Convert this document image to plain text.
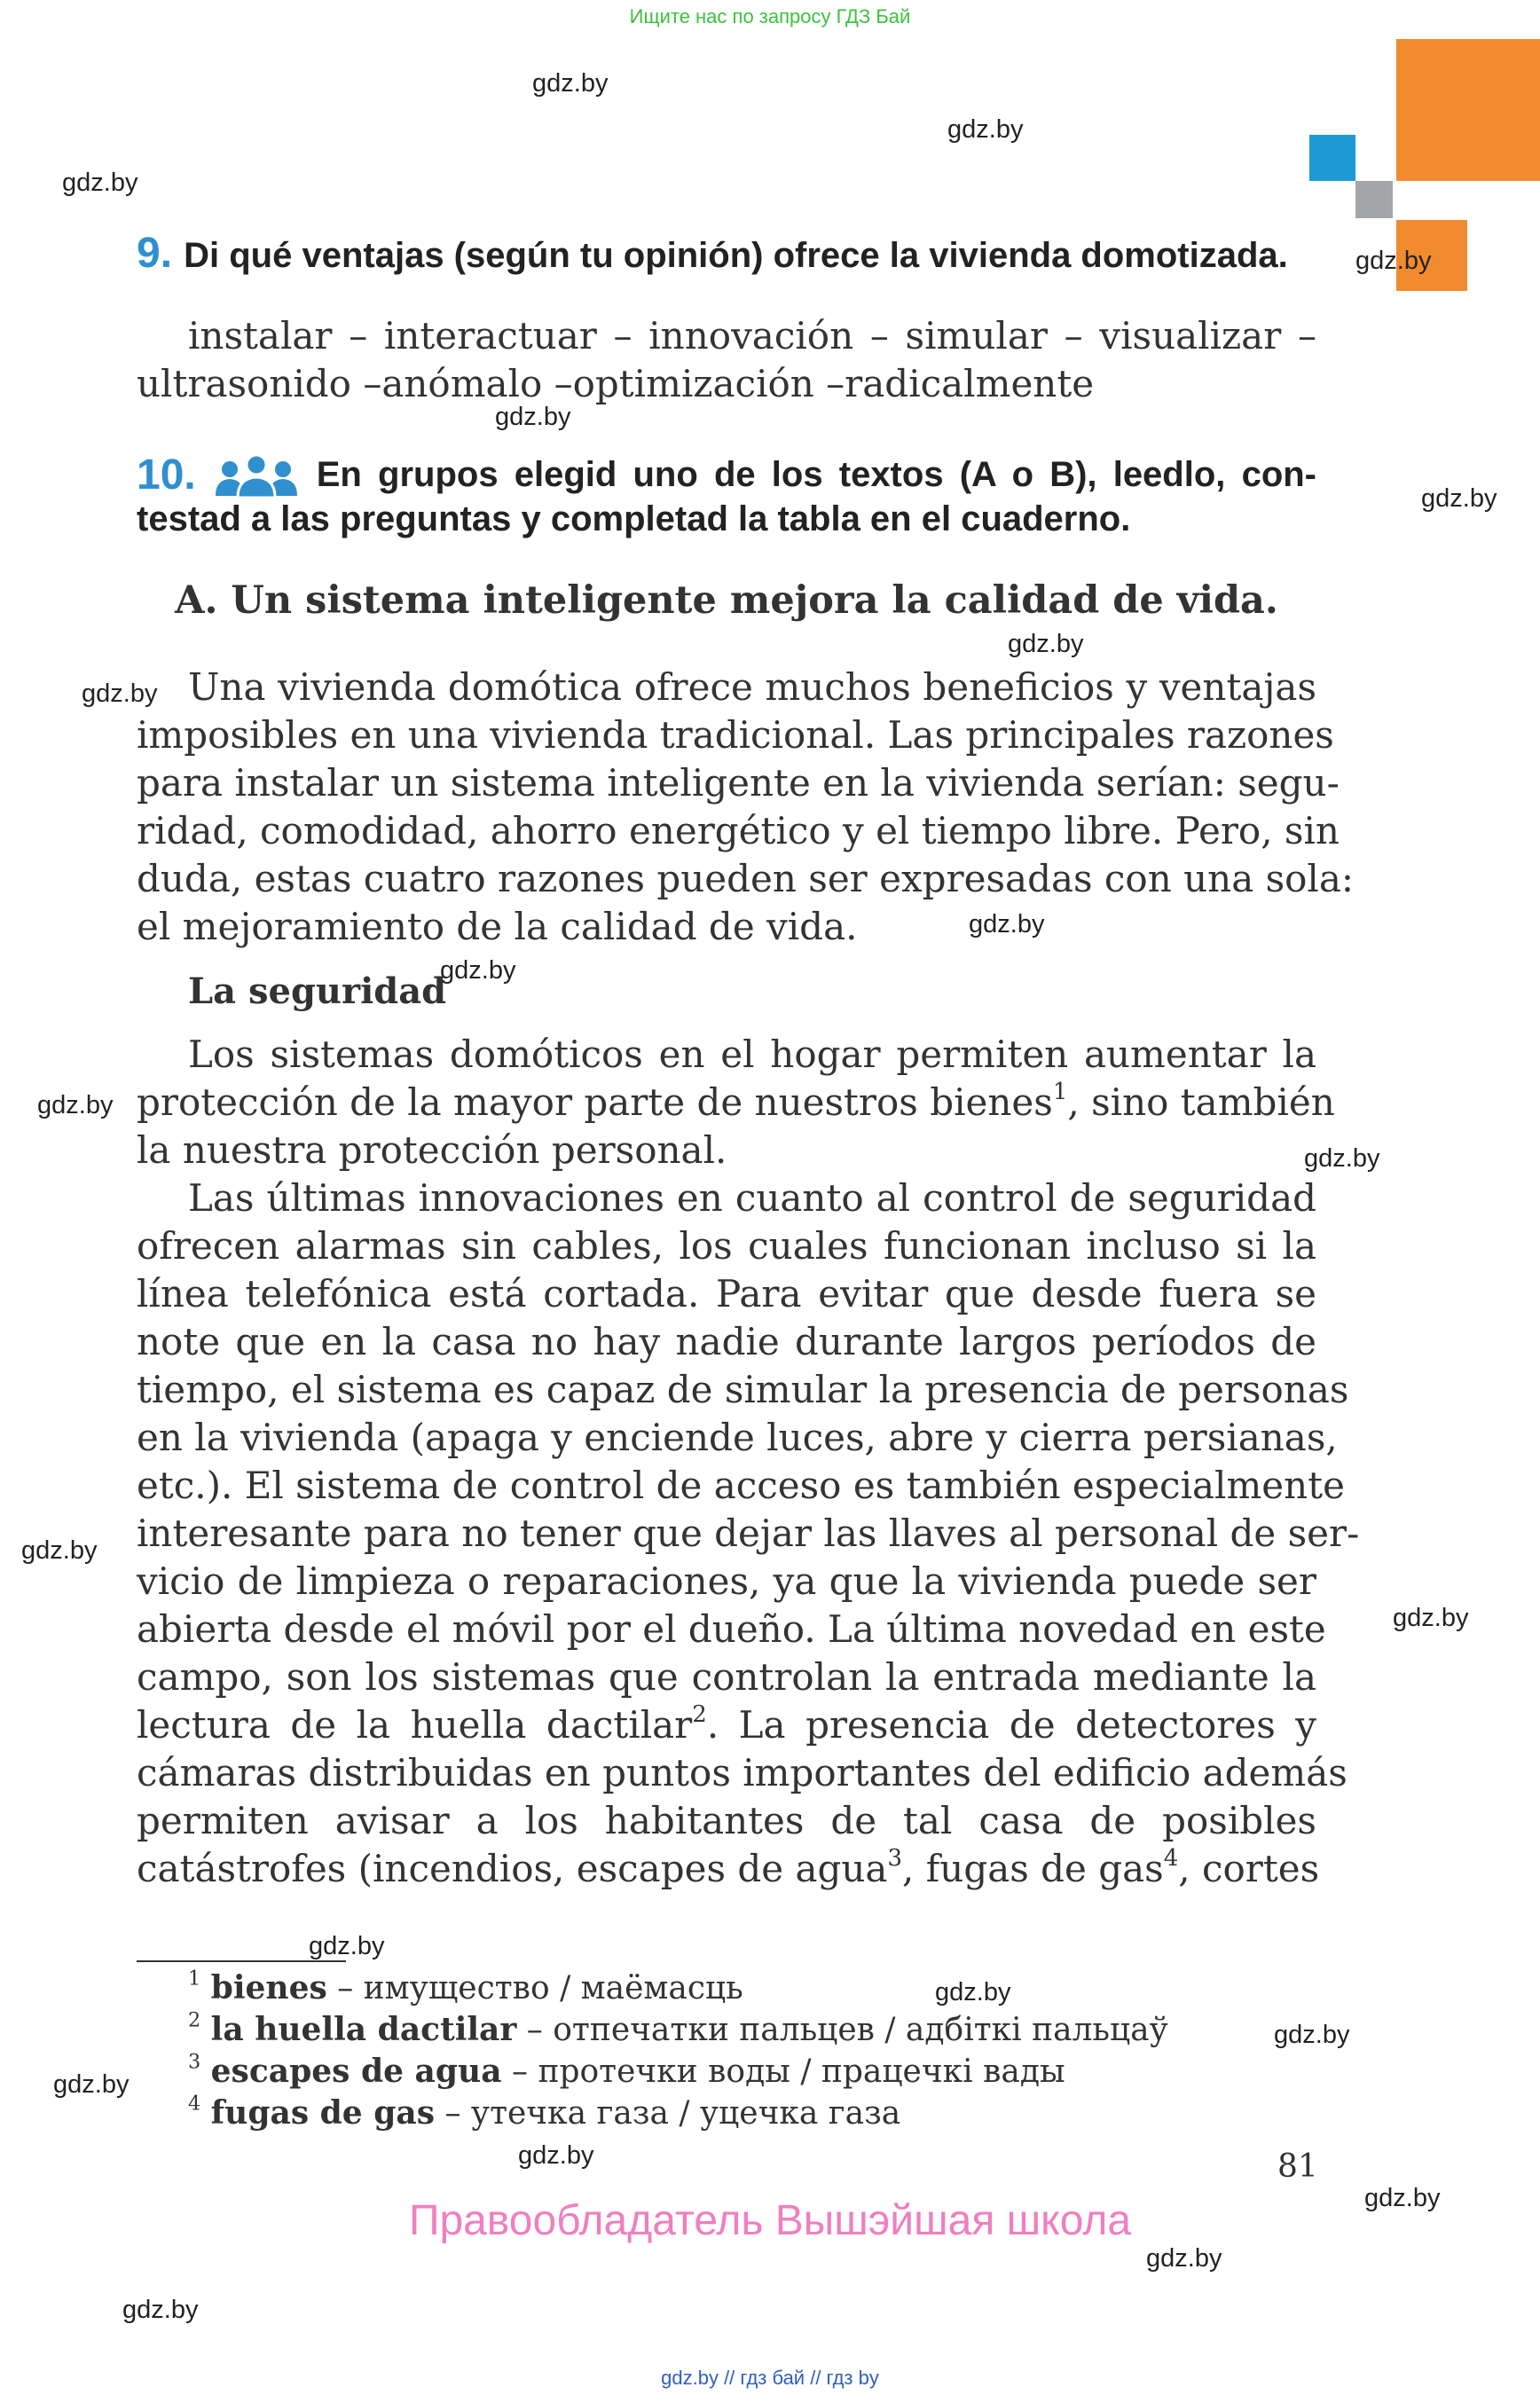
Ищите нас по запросу ГДЗ Бай
gdz.by
gdz.by
gdz.by
gdz.by
gdz.by
gdz.by
gdz.by
gdz.by
gdz.by
gdz.by
gdz.by
gdz.by
gdz.by
gdz.by
gdz.by
gdz.by
gdz.by
gdz.by
gdz.by
gdz.by
gdz.by
gdz.by
9. Di qué ventajas (según tu opinión) ofrece la vivienda domotizada.
instalar – interactuar – innovación – simular – visualizar –
ultrasonido –anómalo –optimización –radicalmente
10.	En grupos elegid uno de los textos (A o B), leedlo, con-
testad a las preguntas y completad la tabla en el cuaderno.
A. Un sistema inteligente mejora la calidad de vida.
Una vivienda domótica ofrece muchos beneficios y ventajas
imposibles en una vivienda tradicional. Las principales razones
para instalar un sistema inteligente en la vivienda serían: segu-
ridad, comodidad, ahorro energético y el tiempo libre. Pero, sin
duda, estas cuatro razones pueden ser expresadas con una sola:
el mejoramiento de la calidad de vida.
La seguridad
Los sistemas domóticos en el hogar permiten aumentar la
protección de la mayor parte de nuestros bienes$^1$, sino también
la nuestra protección personal.
Las últimas innovaciones en cuanto al control de seguridad
ofrecen alarmas sin cables, los cuales funcionan incluso si la
línea telefónica está cortada. Para evitar que desde fuera se
note que en la casa no hay nadie durante largos períodos de
tiempo, el sistema es capaz de simular la presencia de personas
en la vivienda (apaga y enciende luces, abre y cierra persianas,
etc.). El sistema de control de acceso es también especialmente
interesante para no tener que dejar las llaves al personal de ser-
vicio de limpieza o reparaciones, ya que la vivienda puede ser
abierta desde el móvil por el dueño. La última novedad en este
campo, son los sistemas que controlan la entrada mediante la
lectura de la huella dactilar$^2$. La presencia de detectores y
cámaras distribuidas en puntos importantes del edificio además
permiten avisar a los habitantes de tal casa de posibles
catástrofes (incendios, escapes de agua$^3$, fugas de gas$^4$, cortes
$^1$ bienes – имущество / маёмасць
$^2$ la huella dactilar – отпечатки пальцев / адбіткі пальцаў
$^3$ escapes de agua – протечки воды / працечкі вады
$^4$ fugas de gas – утечка газа / уцечка газа
81
Правообладатель Вышэйшая школа
gdz.by // гдз бай // гдз by
